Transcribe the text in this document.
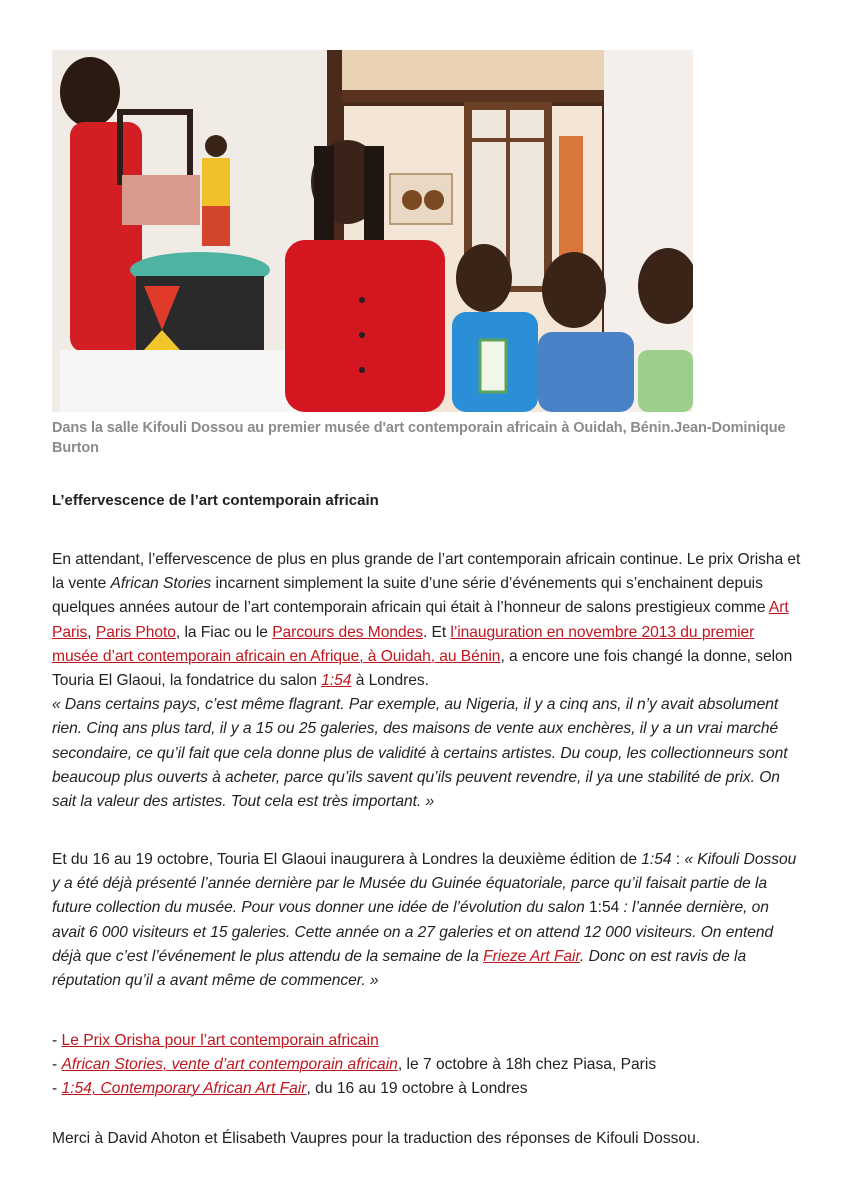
Dans la salle Kifouli Dossou au premier musée d'art contemporain africain à Ouidah, Bénin.Jean-Dominique Burton
L’effervescence de l’art contemporain africain
En attendant, l’effervescence de plus en plus grande de l’art contemporain africain continue. Le prix Orisha et la vente African Stories incarnent simplement la suite d’une série d’événements qui s’enchainent depuis quelques années autour de l’art contemporain africain qui était à l’honneur de salons prestigieux comme Art Paris, Paris Photo, la Fiac ou le Parcours des Mondes. Et l’inauguration en novembre 2013 du premier musée d’art contemporain africain en Afrique, à Ouidah, au Bénin, a encore une fois changé la donne, selon Touria El Glaoui, la fondatrice du salon 1:54 à Londres.
« Dans certains pays, c’est même flagrant. Par exemple, au Nigeria, il y a cinq ans, il n’y avait absolument rien. Cinq ans plus tard, il y a 15 ou 25 galeries, des maisons de vente aux enchères, il y a un vrai marché secondaire, ce qu’il fait que cela donne plus de validité à certains artistes. Du coup, les collectionneurs sont beaucoup plus ouverts à acheter, parce qu’ils savent qu’ils peuvent revendre, il ya une stabilité de prix. On sait la valeur des artistes. Tout cela est très important. »
Et du 16 au 19 octobre, Touria El Glaoui inaugurera à Londres la deuxième édition de 1:54 : « Kifouli Dossou y a été déjà présenté l’année dernière par le Musée du Guinée équatoriale, parce qu’il faisait partie de la future collection du musée. Pour vous donner une idée de l’évolution du salon 1:54 : l’année dernière, on avait 6 000 visiteurs et 15 galeries. Cette année on a 27 galeries et on attend 12 000 visiteurs. On entend déjà que c’est l’événement le plus attendu de la semaine de la Frieze Art Fair. Donc on est ravis de la réputation qu’il a avant même de commencer. »
- Le Prix Orisha pour l’art contemporain africain
- African Stories, vente d’art contemporain africain, le 7 octobre à 18h chez Piasa, Paris
- 1:54, Contemporary African Art Fair, du 16 au 19 octobre à Londres
Merci à David Ahoton et Élisabeth Vaupres pour la traduction des réponses de Kifouli Dossou.
